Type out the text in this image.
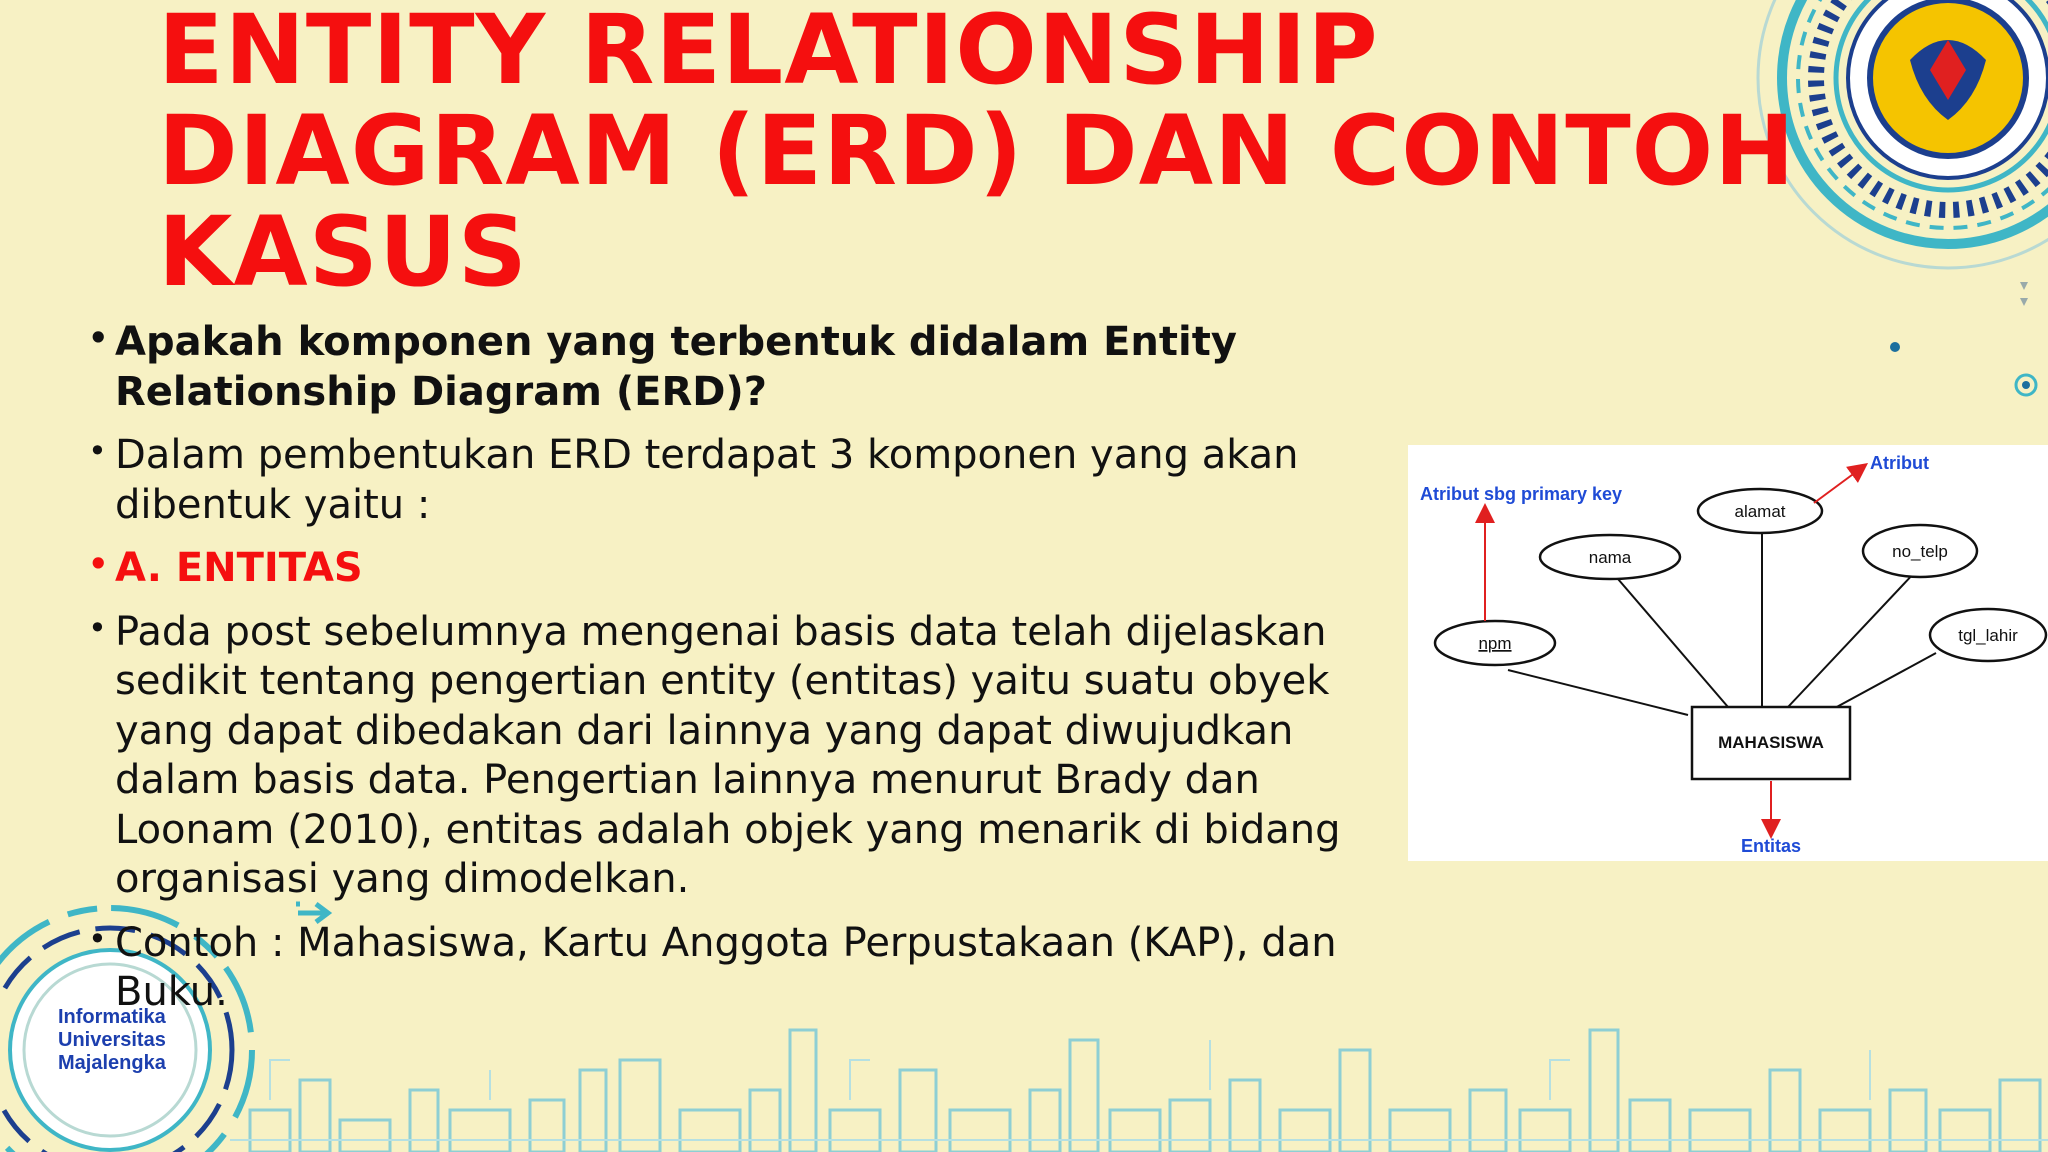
Informatika
Universitas
Majalengka
ENTITY RELATIONSHIP
DIAGRAM (ERD) DAN CONTOH
KASUS
• Apakah komponen yang terbentuk didalam Entity Relationship Diagram (ERD)?
• Dalam pembentukan ERD terdapat 3 komponen yang akan dibentuk yaitu :
• A. ENTITAS
• Pada post sebelumnya mengenai basis data telah dijelaskan sedikit tentang pengertian entity (entitas) yaitu suatu obyek yang dapat dibedakan dari lainnya yang dapat diwujudkan dalam basis data. Pengertian lainnya menurut Brady dan Loonam (2010), entitas adalah objek yang menarik di bidang organisasi yang dimodelkan.
• Contoh : Mahasiswa, Kartu Anggota Perpustakaan (KAP), dan Buku.
npm
nama
alamat
no_telp
tgl_lahir
MAHASISWA
Atribut sbg primary key
Atribut
Entitas
